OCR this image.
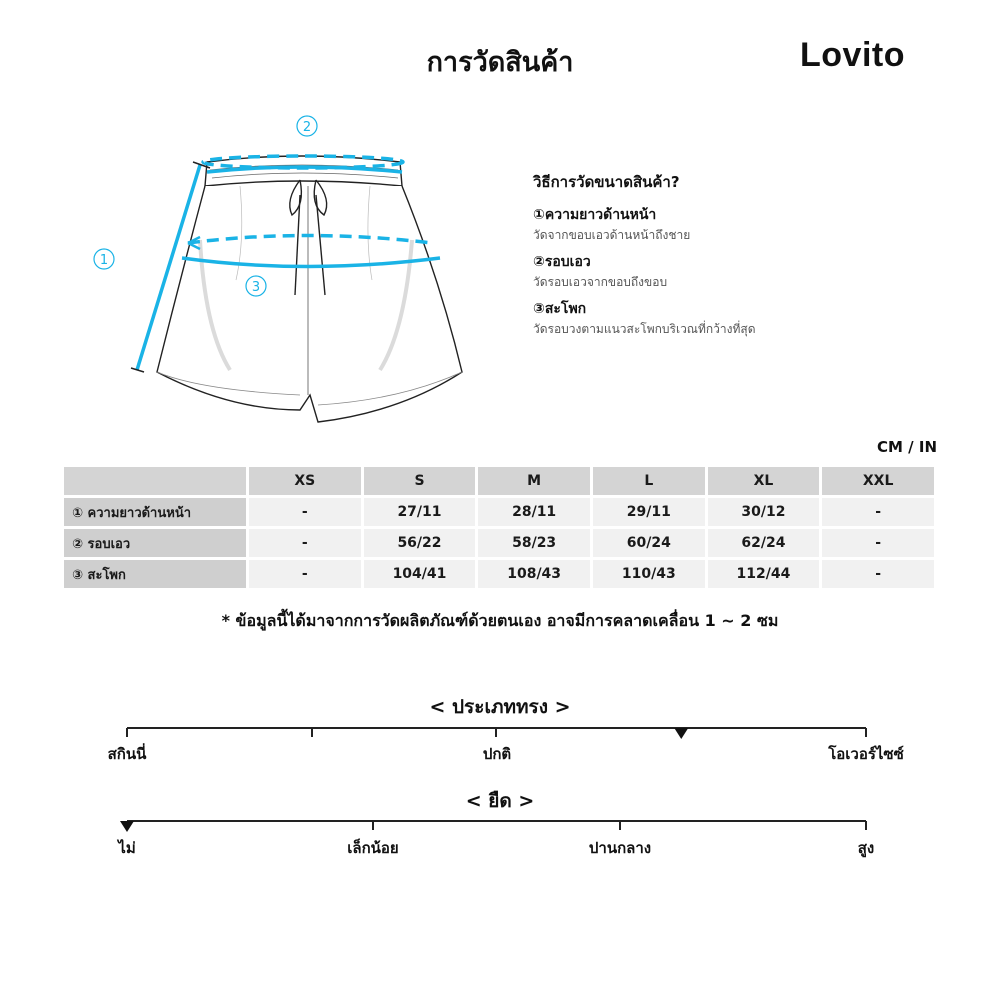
การวัดสินค้า	Lovito
1
2
3
วิธีการวัดขนาดสินค้า?
①ความยาวด้านหน้า
วัดจากขอบเอวด้านหน้าถึงชาย
②รอบเอว
วัดรอบเอวจากขอบถึงขอบ
③สะโพก
วัดรอบวงตามแนวสะโพกบริเวณที่กว้างที่สุด
CM / IN
	XS	S	M	L	XL	XXL
① ความยาวด้านหน้า	-	27/11	28/11	29/11	30/12	-
② รอบเอว	-	56/22	58/23	60/24	62/24	-
③ สะโพก	-	104/41	108/43	110/43	112/44	-
* ข้อมูลนี้ได้มาจากการวัดผลิตภัณฑ์ด้วยตนเอง อาจมีการคลาดเคลื่อน 1 ~ 2 ซม
< ประเภททรง >
สกินนี่	ปกติ	โอเวอร์ไซซ์
< ยืด >
ไม่	เล็กน้อย	ปานกลาง	สูง
